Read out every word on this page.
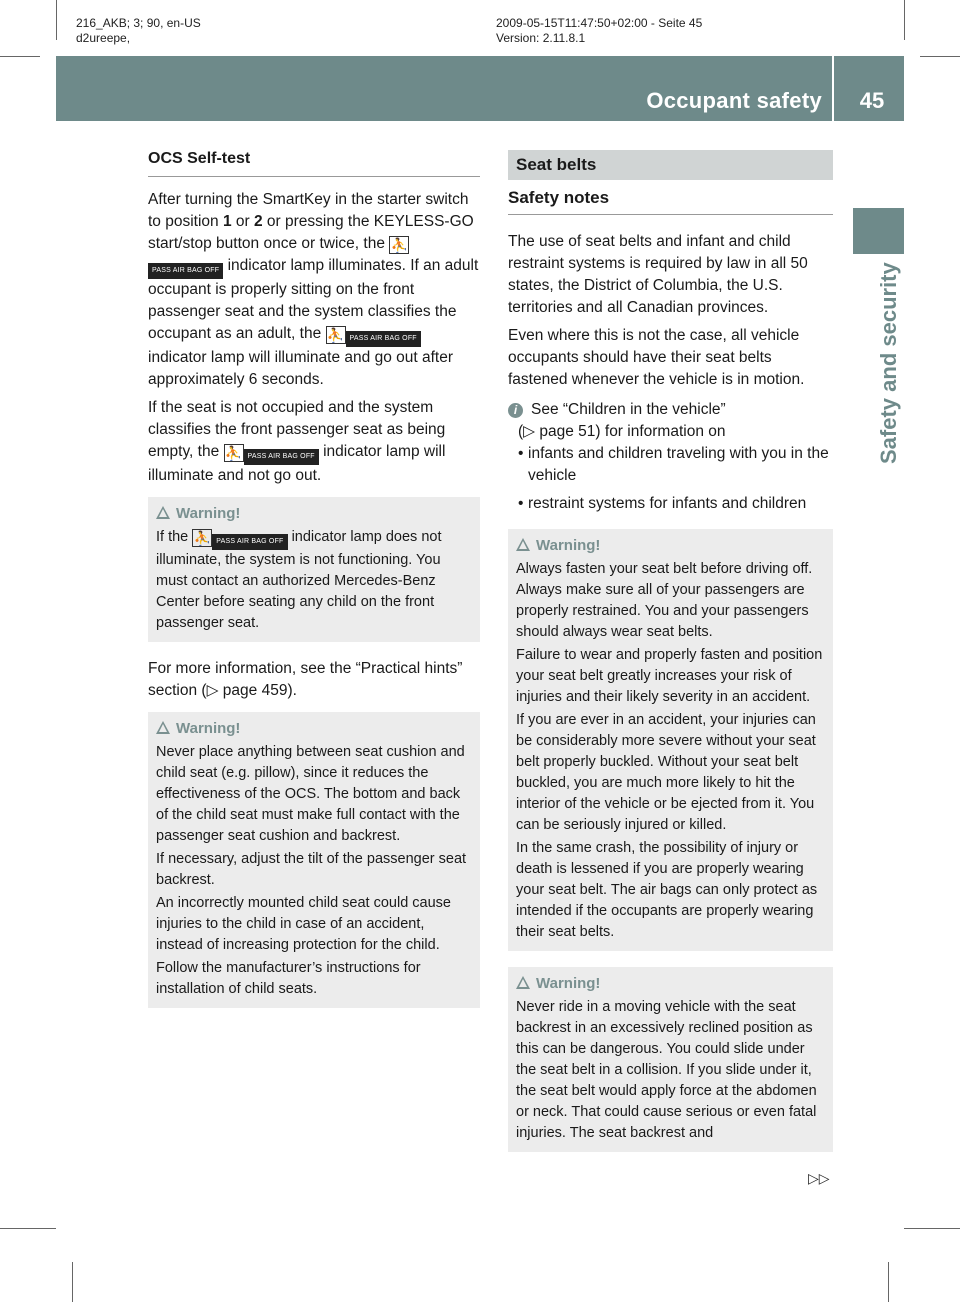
216_AKB; 3; 90, en-US
d2ureepe,
2009-05-15T11:47:50+02:00 - Seite 45
Version: 2.11.8.1
Occupant safety	45
Safety and security
OCS Self-test

After turning the SmartKey in the starter switch to position 1 or 2 or pressing the KEYLESS-GO start/stop button once or twice, the ⛹PASS AIR BAG OFF indicator lamp illuminates. If an adult occupant is properly sitting on the front passenger seat and the system classifies the occupant as an adult, the ⛹ PASS AIR BAG OFF indicator lamp will illuminate and go out after approximately 6 seconds.

If the seat is not occupied and the system classifies the front passenger seat as being empty, the ⛹ PASS AIR BAG OFF indicator lamp will illuminate and not go out.

Warning!

If the ⛹ PASS AIR BAG OFF indicator lamp does not illuminate, the system is not functioning. You must contact an authorized Mercedes-Benz Center before seating any child on the front passenger seat.

For more information, see the “Practical hints” section (▷ page 459).

Warning!

Never place anything between seat cushion and child seat (e.g. pillow), since it reduces the effectiveness of the OCS. The bottom and back of the child seat must make full contact with the passenger seat cushion and backrest.

If necessary, adjust the tilt of the passenger seat backrest.

An incorrectly mounted child seat could cause injuries to the child in case of an accident, instead of increasing protection for the child.

Follow the manufacturer’s instructions for installation of child seats.

Seat belts
Safety notes

The use of seat belts and infant and child restraint systems is required by law in all 50 states, the District of Columbia, the U.S. territories and all Canadian provinces.

Even where this is not the case, all vehicle occupants should have their seat belts fastened whenever the vehicle is in motion.

i See “Children in the vehicle”

(▷ page 51) for information on

• infants and children traveling with you in the vehicle

• restraint systems for infants and children

Warning!

Always fasten your seat belt before driving off. Always make sure all of your passengers are properly restrained. You and your passengers should always wear seat belts.

Failure to wear and properly fasten and position your seat belt greatly increases your risk of injuries and their likely severity in an accident.

If you are ever in an accident, your injuries can be considerably more severe without your seat belt properly buckled. Without your seat belt buckled, you are much more likely to hit the interior of the vehicle or be ejected from it. You can be seriously injured or killed.

In the same crash, the possibility of injury or death is lessened if you are properly wearing your seat belt. The air bags can only protect as intended if the occupants are properly wearing their seat belts.

Warning!

Never ride in a moving vehicle with the seat backrest in an excessively reclined position as this can be dangerous. You could slide under the seat belt in a collision. If you slide under it, the seat belt would apply force at the abdomen or neck. That could cause serious or even fatal injuries. The seat backrest and

▷▷
